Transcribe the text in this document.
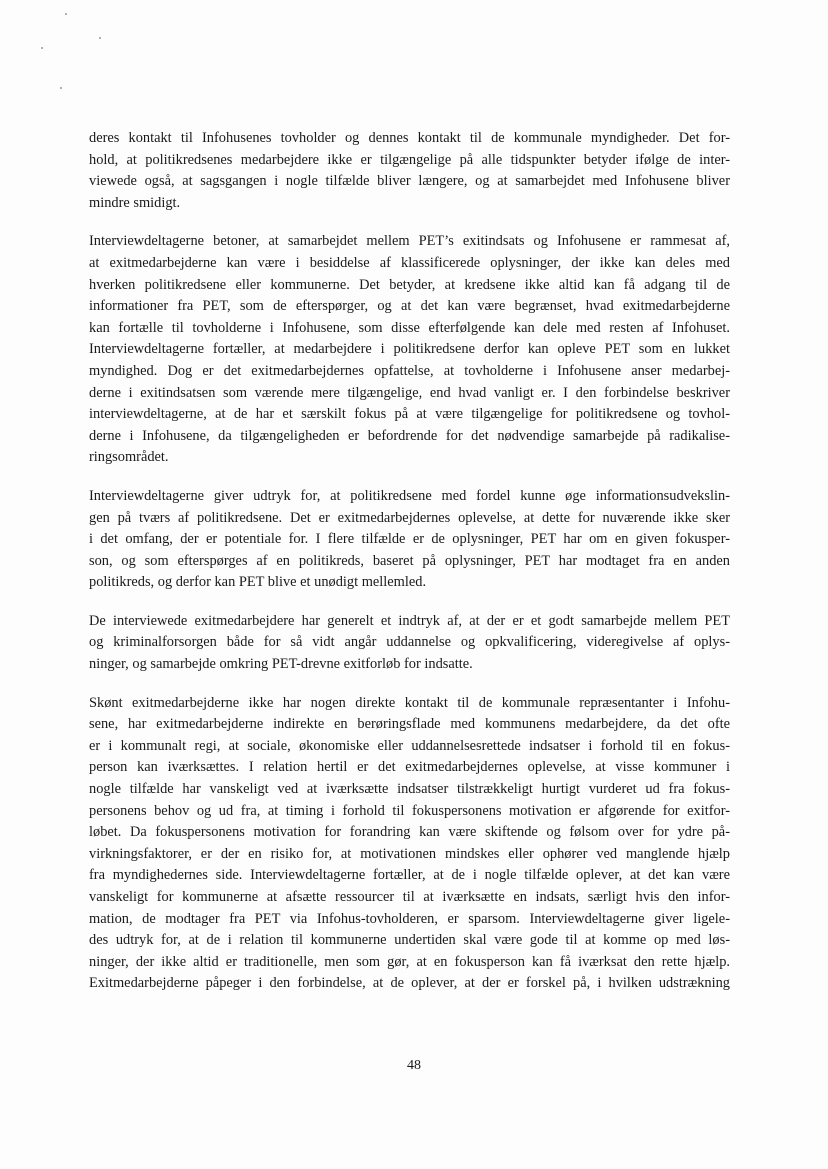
deres kontakt til Infohusenes tovholder og dennes kontakt til de kommunale myndigheder. Det for-
hold, at politikredsenes medarbejdere ikke er tilgængelige på alle tidspunkter betyder ifølge de inter-
viewede også, at sagsgangen i nogle tilfælde bliver længere, og at samarbejdet med Infohusene bliver
mindre smidigt.
Interviewdeltagerne betoner, at samarbejdet mellem PET’s exitindsats og Infohusene er rammesat af,
at exitmedarbejderne kan være i besiddelse af klassificerede oplysninger, der ikke kan deles med
hverken politikredsene eller kommunerne. Det betyder, at kredsene ikke altid kan få adgang til de
informationer fra PET, som de efterspørger, og at det kan være begrænset, hvad exitmedarbejderne
kan fortælle til tovholderne i Infohusene, som disse efterfølgende kan dele med resten af Infohuset.
Interviewdeltagerne fortæller, at medarbejdere i politikredsene derfor kan opleve PET som en lukket
myndighed. Dog er det exitmedarbejdernes opfattelse, at tovholderne i Infohusene anser medarbej-
derne i exitindsatsen som værende mere tilgængelige, end hvad vanligt er. I den forbindelse beskriver
interviewdeltagerne, at de har et særskilt fokus på at være tilgængelige for politikredsene og tovhol-
derne i Infohusene, da tilgængeligheden er befordrende for det nødvendige samarbejde på radikalise-
ringsområdet.
Interviewdeltagerne giver udtryk for, at politikredsene med fordel kunne øge informationsudvekslin-
gen på tværs af politikredsene. Det er exitmedarbejdernes oplevelse, at dette for nuværende ikke sker
i det omfang, der er potentiale for. I flere tilfælde er de oplysninger, PET har om en given fokusper-
son, og som efterspørges af en politikreds, baseret på oplysninger, PET har modtaget fra en anden
politikreds, og derfor kan PET blive et unødigt mellemled.
De interviewede exitmedarbejdere har generelt et indtryk af, at der er et godt samarbejde mellem PET
og kriminalforsorgen både for så vidt angår uddannelse og opkvalificering, videregivelse af oplys-
ninger, og samarbejde omkring PET-drevne exitforløb for indsatte.
Skønt exitmedarbejderne ikke har nogen direkte kontakt til de kommunale repræsentanter i Infohu-
sene, har exitmedarbejderne indirekte en berøringsflade med kommunens medarbejdere, da det ofte
er i kommunalt regi, at sociale, økonomiske eller uddannelsesrettede indsatser i forhold til en fokus-
person kan iværksættes. I relation hertil er det exitmedarbejdernes oplevelse, at visse kommuner i
nogle tilfælde har vanskeligt ved at iværksætte indsatser tilstrækkeligt hurtigt vurderet ud fra fokus-
personens behov og ud fra, at timing i forhold til fokuspersonens motivation er afgørende for exitfor-
løbet. Da fokuspersonens motivation for forandring kan være skiftende og følsom over for ydre på-
virkningsfaktorer, er der en risiko for, at motivationen mindskes eller ophører ved manglende hjælp
fra myndighedernes side. Interviewdeltagerne fortæller, at de i nogle tilfælde oplever, at det kan være
vanskeligt for kommunerne at afsætte ressourcer til at iværksætte en indsats, særligt hvis den infor-
mation, de modtager fra PET via Infohus-tovholderen, er sparsom. Interviewdeltagerne giver ligele-
des udtryk for, at de i relation til kommunerne undertiden skal være gode til at komme op med løs-
ninger, der ikke altid er traditionelle, men som gør, at en fokusperson kan få iværksat den rette hjælp.
Exitmedarbejderne påpeger i den forbindelse, at de oplever, at der er forskel på, i hvilken udstrækning
48
